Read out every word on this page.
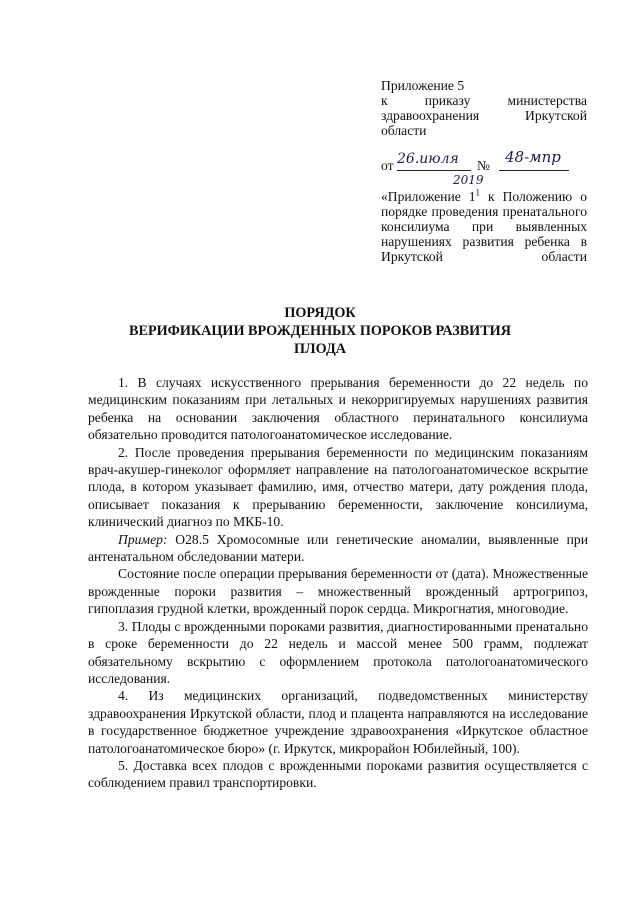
Приложение 5
к приказу министерства здравоохранения Иркутской области
от 26.июля № 48-мпр
2019
«Приложение $1^1$ к Положению о порядке проведения пренатального консилиума при выявленных нарушениях развития ребенка в Иркутской области
ПОРЯДОК
ВЕРИФИКАЦИИ ВРОЖДЕННЫХ ПОРОКОВ РАЗВИТИЯ
ПЛОДА

1. В случаях искусственного прерывания беременности до 22 недель по медицинским показаниям при летальных и некорригируемых нарушениях развития ребенка на основании заключения областного перинатального консилиума обязательно проводится патологоанатомическое исследование.

2. После проведения прерывания беременности по медицинским показаниям врач-акушер-гинеколог оформляет направление на патологоанатомическое вскрытие плода, в котором указывает фамилию, имя, отчество матери, дату рождения плода, описывает показания к прерыванию беременности, заключение консилиума, клинический диагноз по МКБ-10.

Пример: O28.5 Хромосомные или генетические аномалии, выявленные при антенатальном обследовании матери.

Состояние после операции прерывания беременности от (дата). Множественные врожденные пороки развития – множественный врожденный артрогрипоз, гипоплазия грудной клетки, врожденный порок сердца. Микрогнатия, многоводие.

3. Плоды с врожденными пороками развития, диагностированными пренатально в сроке беременности до 22 недель и массой менее 500 грамм, подлежат обязательному вскрытию с оформлением протокола патологоанатомического исследования.

4. Из медицинских организаций, подведомственных министерству здравоохранения Иркутской области, плод и плацента направляются на исследование в государственное бюджетное учреждение здравоохранения «Иркутское областное патологоанатомическое бюро» (г. Иркутск, микрорайон Юбилейный, 100).

5. Доставка всех плодов с врожденными пороками развития осуществляется с соблюдением правил транспортировки.
